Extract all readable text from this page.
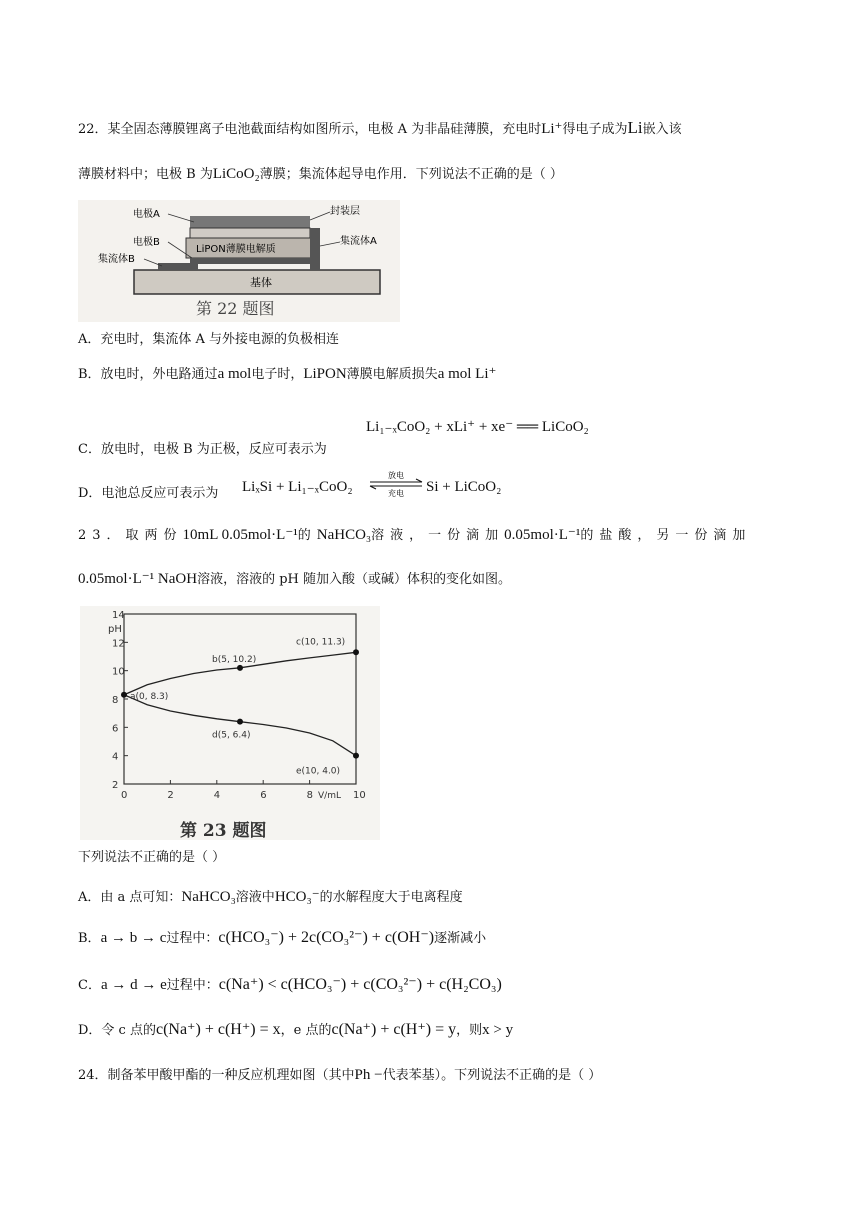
22．某全固态薄膜锂离子电池截面结构如图所示，电极 A 为非晶硅薄膜，充电时Li⁺得电子成为Li嵌入该
薄膜材料中；电极 B 为LiCoO₂薄膜；集流体起导电作用．下列说法不正确的是（ ）
基体
LiPON薄膜电解质
电极A
电极B
集流体B
封装层
集流体A
第 22 题图
A．充电时，集流体 A 与外接电源的负极相连
B．放电时，外电路通过a mol电子时，LiPON薄膜电解质损失a mol Li⁺
Li₁₋ₓCoO₂ + xLi⁺ + xe⁻ ══ LiCoO₂
C．放电时，电极 B 为正极，反应可表示为
D．电池总反应可表示为 LiₓSi + Li₁₋ₓCoO₂
放电
充电 Si + LiCoO₂
23．取两份10mL 0.05mol·L⁻¹的NaHCO₃溶液，一份滴加0.05mol·L⁻¹的盐酸，另一份滴加
0.05mol·L⁻¹ NaOH溶液，溶液的 pH 随加入酸（或碱）体积的变化如图。
2
4
6
8
10
12
14
0	2	4	6	8	10
pH
V/mL
a(0, 8.3)
b(5, 10.2)
c(10, 11.3)
d(5, 6.4)
e(10, 4.0)
第 23 题图
下列说法不正确的是（ ）
A．由 a 点可知：NaHCO₃溶液中HCO₃⁻的水解程度大于电离程度
B．a → b → c过程中：c(HCO₃⁻) + 2c(CO₃²⁻) + c(OH⁻)逐渐减小
C．a → d → e过程中：c(Na⁺) < c(HCO₃⁻) + c(CO₃²⁻) + c(H₂CO₃)
D．令 c 点的c(Na⁺) + c(H⁺) = x，e 点的c(Na⁺) + c(H⁺) = y，则x > y
24．制备苯甲酸甲酯的一种反应机理如图（其中Ph −代表苯基）。下列说法不正确的是（ ）
